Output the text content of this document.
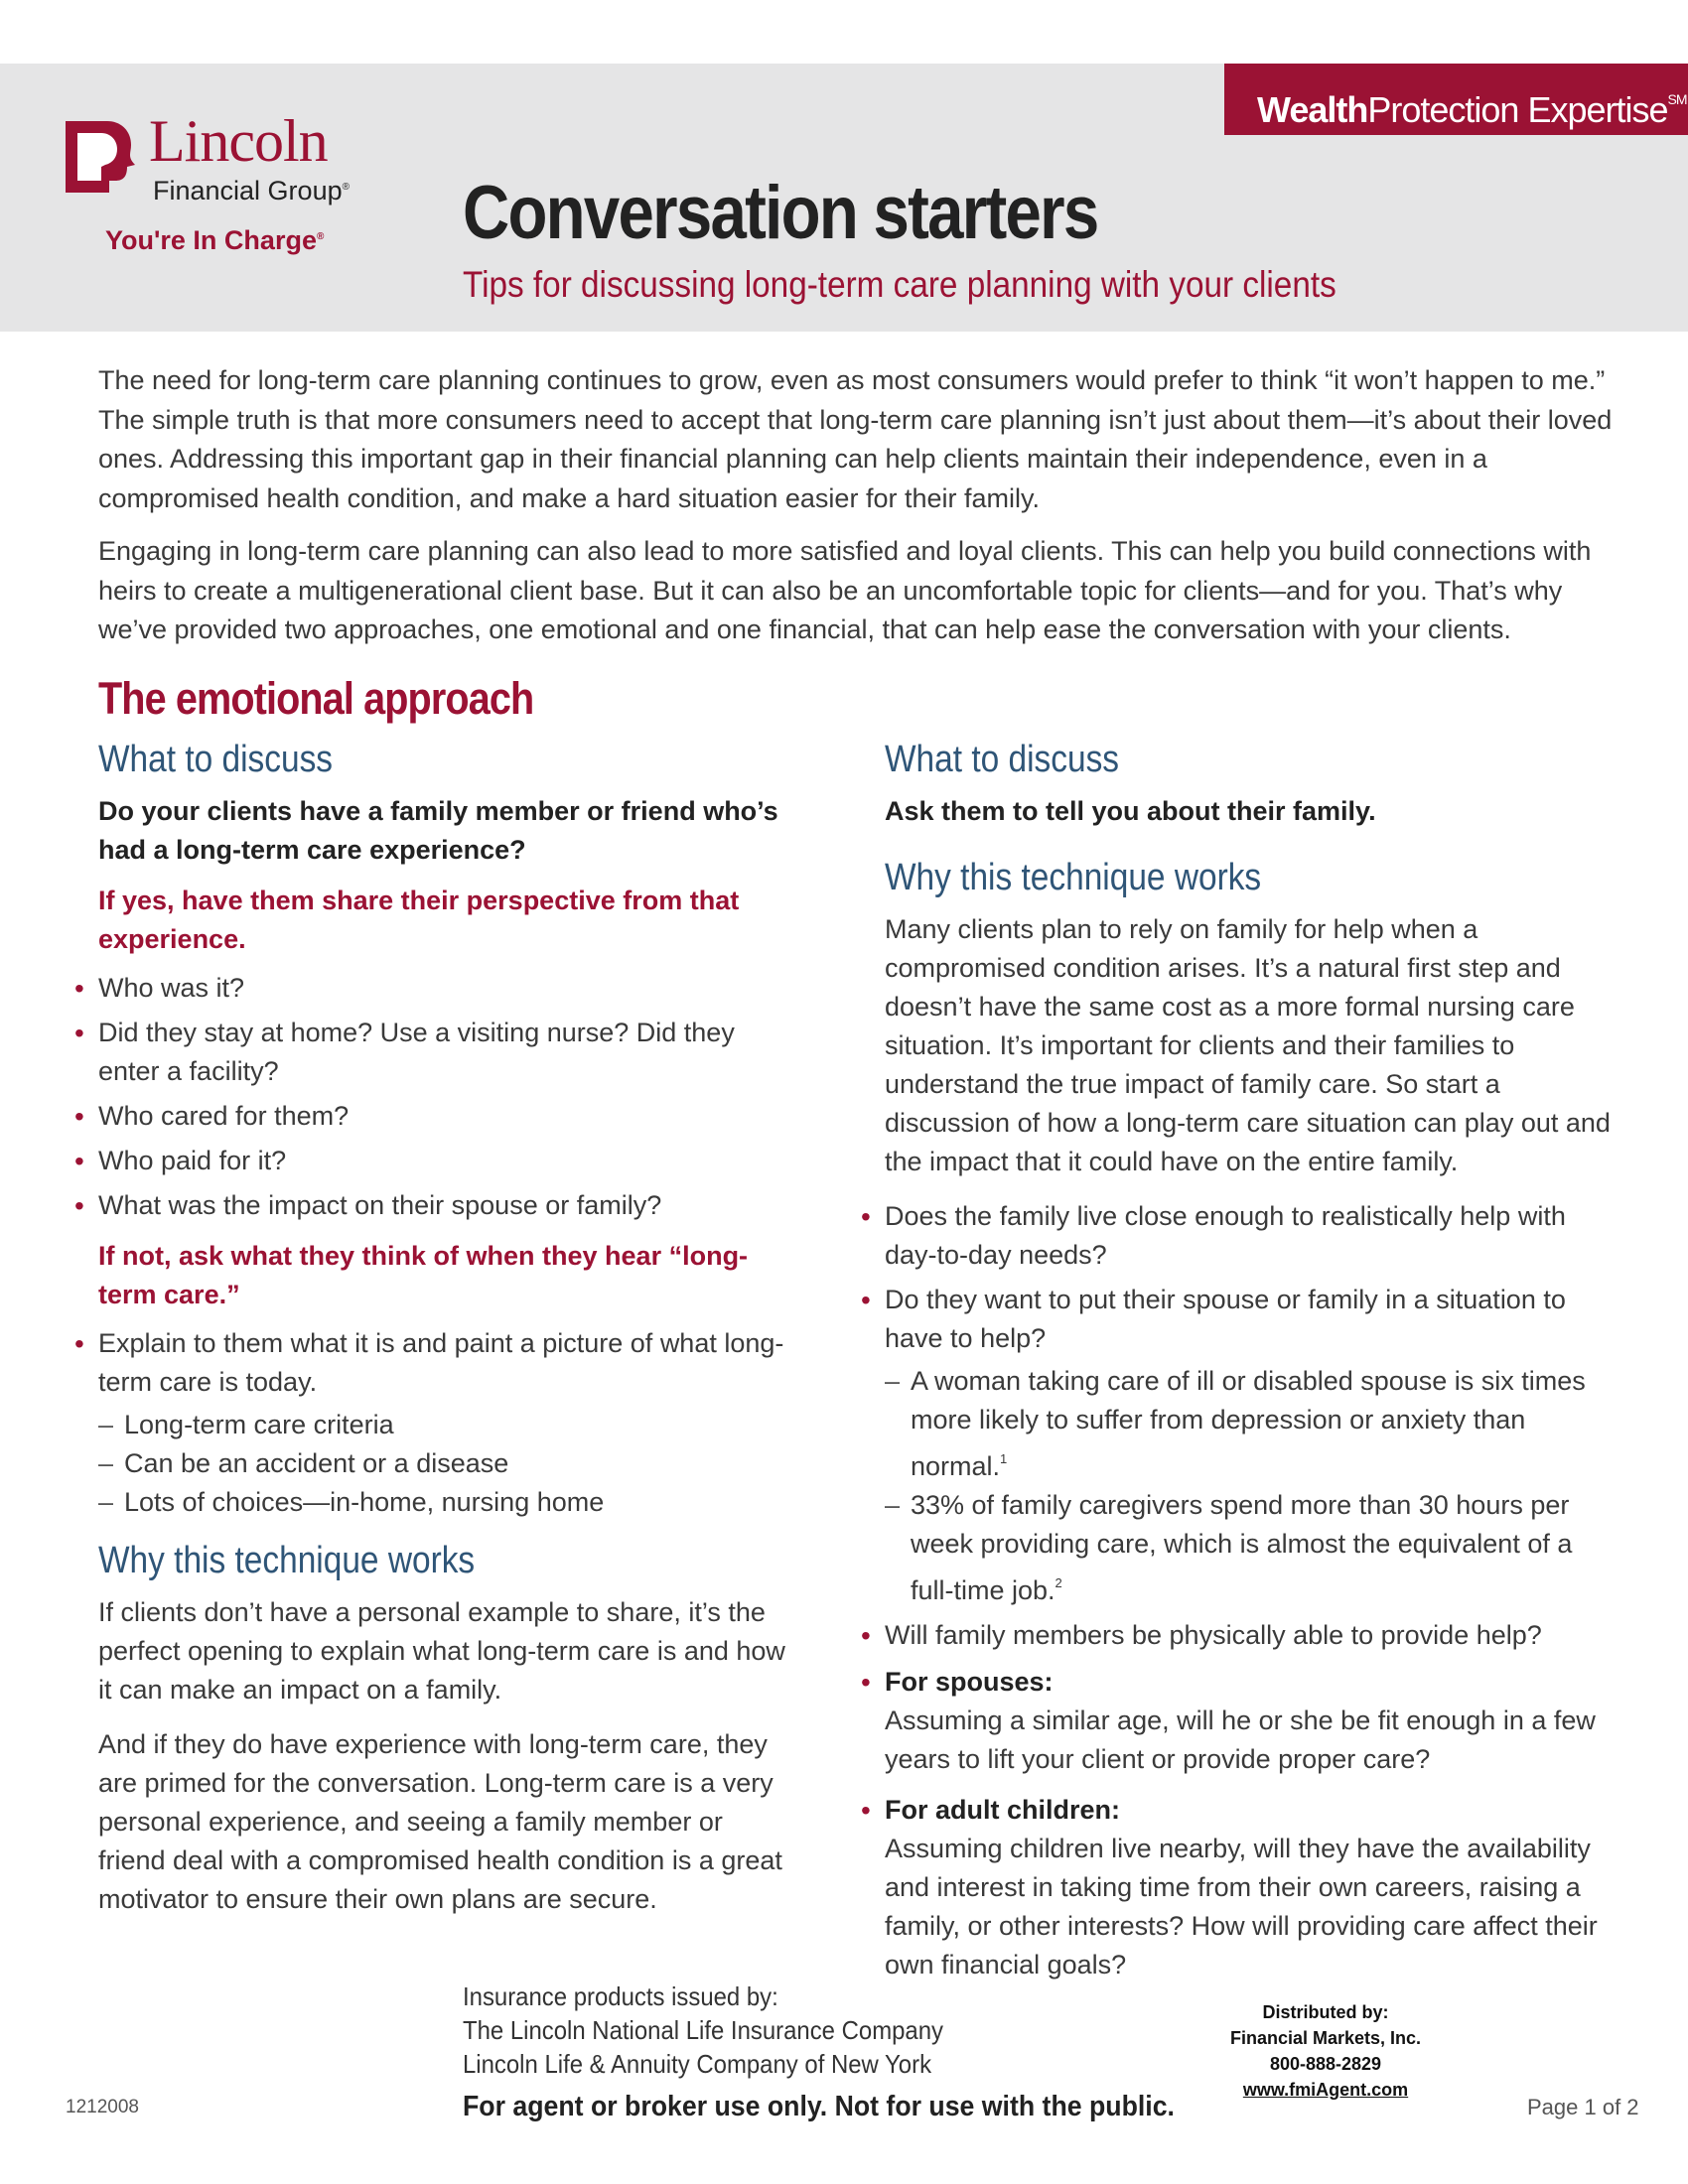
WealthProtection Expertise℠
Lincoln
Financial Group®
You're In Charge® Conversation starters
Tips for discussing long-term care planning with your clients

The need for long-term care planning continues to grow, even as most consumers would prefer to think “it won’t happen to me.” The simple truth is that more consumers need to accept that long-term care planning isn’t just about them—it’s about their loved ones. Addressing this important gap in their financial planning can help clients maintain their independence, even in a compromised health condition, and make a hard situation easier for their family.

Engaging in long-term care planning can also lead to more satisfied and loyal clients. This can help you build connections with heirs to create a multigenerational client base. But it can also be an uncomfortable topic for clients—and for you. That’s why we’ve provided two approaches, one emotional and one financial, that can help ease the conversation with your clients.

The emotional approach
What to discuss
Do your clients have a family member or friend who’s had a long-term care experience?
If yes, have them share their perspective from that experience.
• Who was it?
• Did they stay at home? Use a visiting nurse? Did they enter a facility?
• Who cared for them?
• Who paid for it?
• What was the impact on their spouse or family?
If not, ask what they think of when they hear “long-term care.”
• Explain to them what it is and paint a picture of what long-term care is today.
– Long-term care criteria
– Can be an accident or a disease
– Lots of choices—in-home, nursing home
Why this technique works
If clients don’t have a personal example to share, it’s the perfect opening to explain what long-term care is and how it can make an impact on a family.
And if they do have experience with long-term care, they are primed for the conversation. Long-term care is a very personal experience, and seeing a family member or friend deal with a compromised health condition is a great motivator to ensure their own plans are secure.
What to discuss
Ask them to tell you about their family.
Why this technique works
Many clients plan to rely on family for help when a compromised condition arises. It’s a natural first step and doesn’t have the same cost as a more formal nursing care situation. It’s important for clients and their families to understand the true impact of family care. So start a discussion of how a long-term care situation can play out and the impact that it could have on the entire family.
• Does the family live close enough to realistically help with day-to-day needs?
• Do they want to put their spouse or family in a situation to have to help?
– A woman taking care of ill or disabled spouse is six times more likely to suffer from depression or anxiety than normal.$^1$
– 33% of family caregivers spend more than 30 hours per week providing care, which is almost the equivalent of a full-time job.$^2$
• Will family members be physically able to provide help?
• For spouses:
Assuming a similar age, will he or she be fit enough in a few years to lift your client or provide proper care?
• For adult children:
Assuming children live nearby, will they have the availability and interest in taking time from their own careers, raising a family, or other interests? How will providing care affect their own financial goals?
Insurance products issued by:
The Lincoln National Life Insurance Company
Lincoln Life & Annuity Company of New York
For agent or broker use only. Not for use with the public.
Distributed by:
Financial Markets, Inc.
800-888-2829
www.fmiAgent.com
1212008	Page 1 of 2
